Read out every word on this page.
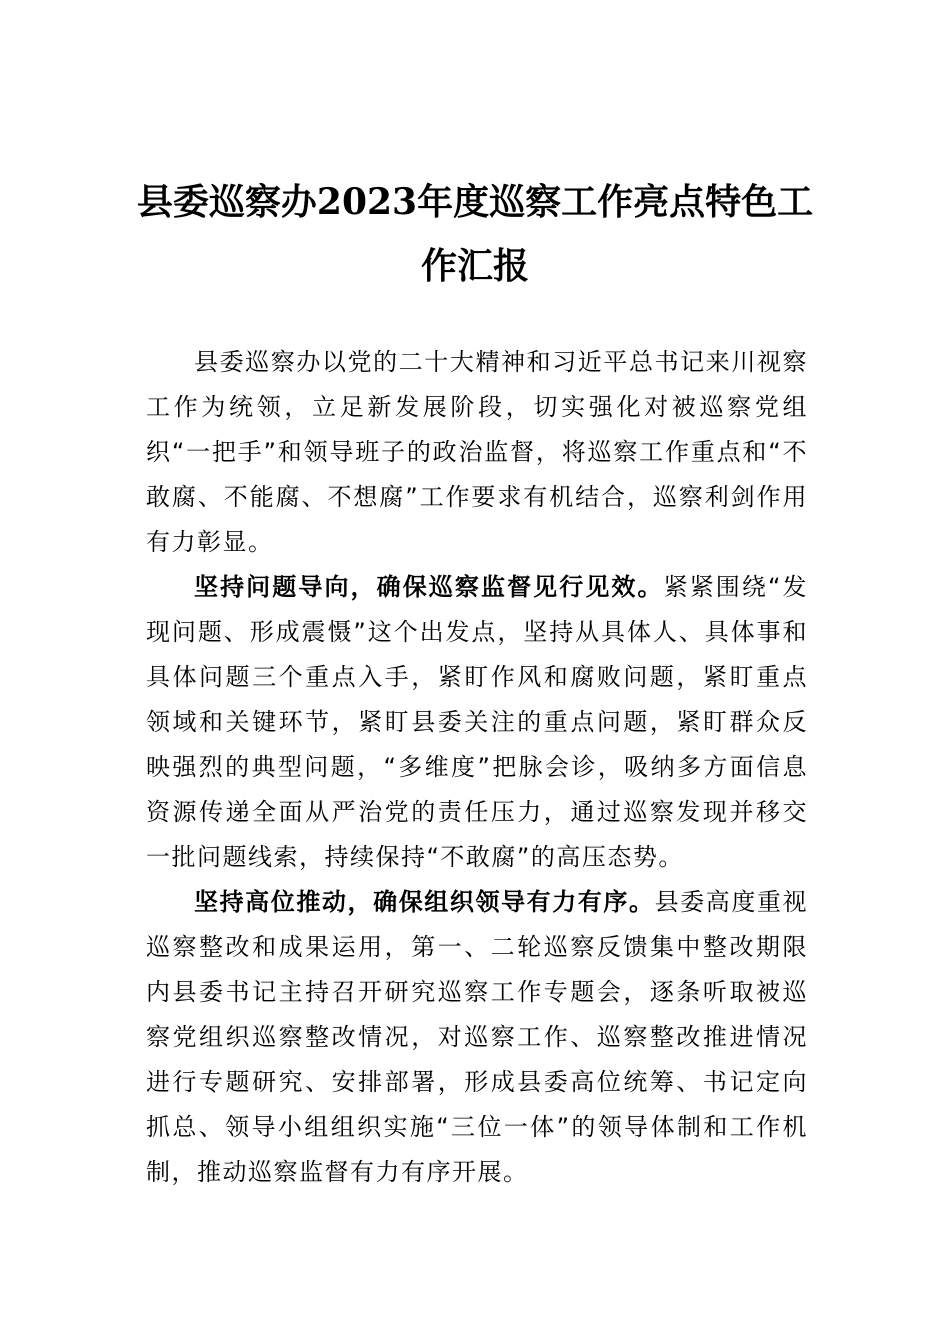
县委巡察办2023年度巡察工作亮点特色工作汇报

县委巡察办以党的二十大精神和习近平总书记来川视察工作为统领，立足新发展阶段，切实强化对被巡察党组织“一把手”和领导班子的政治监督，将巡察工作重点和“不敢腐、不能腐、不想腐”工作要求有机结合，巡察利剑作用有力彰显。

坚持问题导向，确保巡察监督见行见效。紧紧围绕“发现问题、形成震慑”这个出发点，坚持从具体人、具体事和具体问题三个重点入手，紧盯作风和腐败问题，紧盯重点领域和关键环节，紧盯县委关注的重点问题，紧盯群众反映强烈的典型问题，“多维度”把脉会诊，吸纳多方面信息资源传递全面从严治党的责任压力，通过巡察发现并移交一批问题线索，持续保持“不敢腐”的高压态势。

坚持高位推动，确保组织领导有力有序。县委高度重视巡察整改和成果运用，第一、二轮巡察反馈集中整改期限内县委书记主持召开研究巡察工作专题会，逐条听取被巡察党组织巡察整改情况，对巡察工作、巡察整改推进情况进行专题研究、安排部署，形成县委高位统筹、书记定向抓总、领导小组组织实施“三位一体”的领导体制和工作机制，推动巡察监督有力有序开展。
